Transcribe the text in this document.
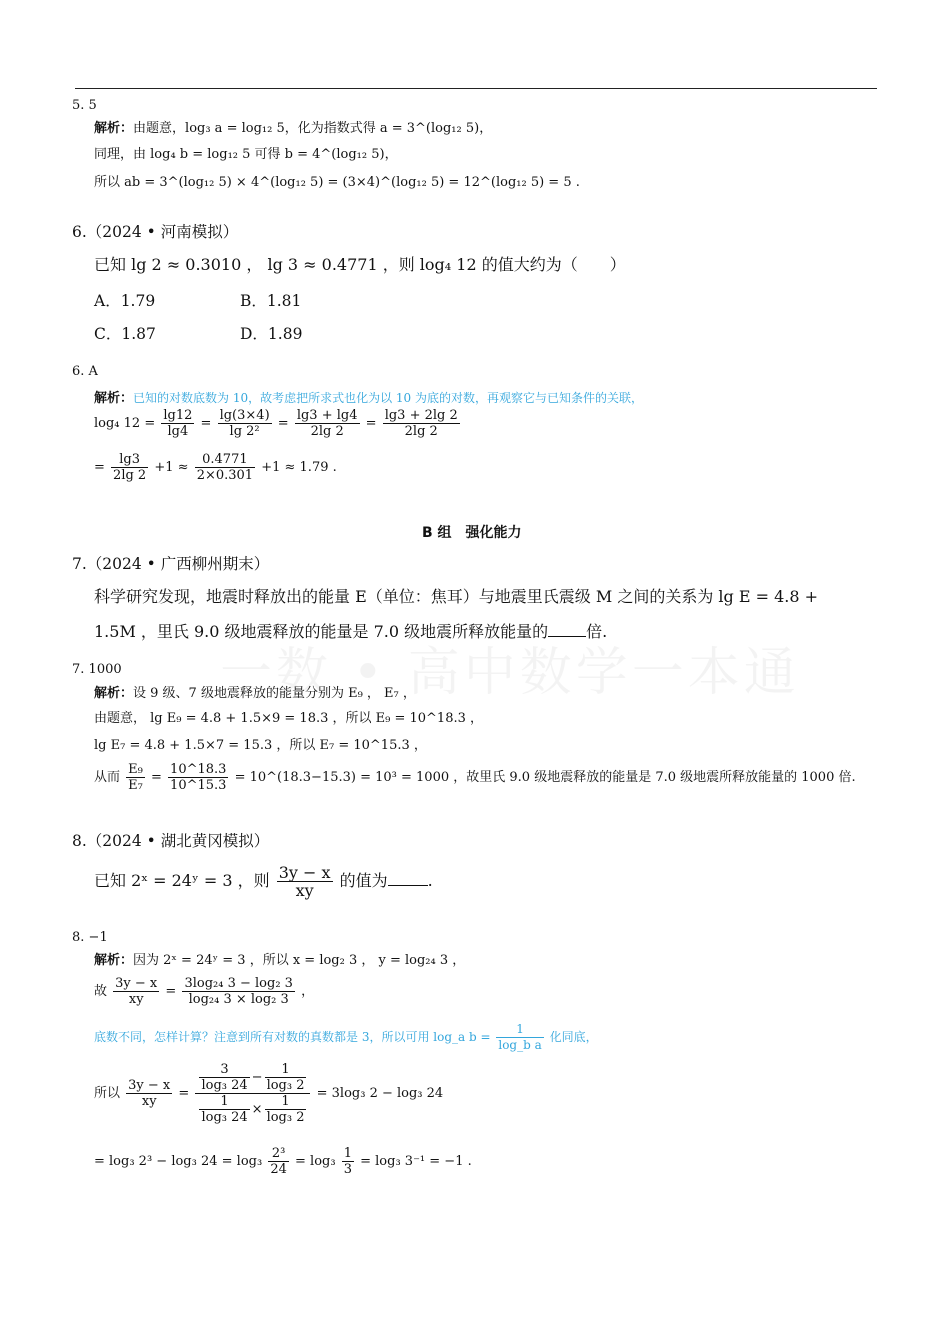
5. 5
解析：由题意，log₃ a = log₁₂ 5，化为指数式得 a = 3^(log₁₂ 5)，
同理，由 log₄ b = log₁₂ 5 可得 b = 4^(log₁₂ 5)，
所以 ab = 3^(log₁₂ 5) × 4^(log₁₂ 5) = (3×4)^(log₁₂ 5) = 12^(log₁₂ 5) = 5 .
6.（2024 • 河南模拟）
已知 lg 2 ≈ 0.3010 ， lg 3 ≈ 0.4771 ，则 log₄ 12 的值大约为（　　）
A．1.79	B．1.81
C．1.87	D．1.89
6. A
解析：已知的对数底数为 10，故考虑把所求式也化为以 10 为底的对数，再观察它与已知条件的关联，
log₄ $12 = \frac{\lg 12}{\lg 4} = \frac{\lg(3\times 4)}{\text{lg 2²}} = \frac{\lg 3 + \lg 4}{2\lg 2} = \frac{\lg 3 + 2\lg 2}{2\lg 2}$
= $\frac{\lg 3}{2\lg 2} +1 \approx \frac{0.4771}{2\times 0.301} +1 \approx 1.79$ .
B 组　强化能力
7.（2024 • 广西柳州期末）
科学研究发现，地震时释放出的能量 E（单位：焦耳）与地震里氏震级 M 之间的关系为 lg E = 4.8 +
1.5M ，里氏 9.0 级地震释放的能量是 7.0 级地震所释放能量的 倍.
7. 1000
解析：设 9 级、7 级地震释放的能量分别为 E₉ ， E₇ ，
由题意， lg E₉ = 4.8 + 1.5×9 = 18.3 ，所以 E₉ = 10^18.3 ，
lg E₇ = 4.8 + 1.5×7 = 15.3 ，所以 E₇ = 10^15.3 ，
从而 $\frac{\text{E₉}}{\text{E₇}} = \frac{10\^{}18.3}{10\^{}15.3}$ = 10^(18.3−15.3) = 10³ = 1000 ，故里氏 9.0 级地震释放的能量是 7.0 级地震所释放能量的 1000 倍.
8.（2024 • 湖北黄冈模拟）
已知 2ˣ = 24ʸ = 3 ，则 $\frac{3y - x}{xy}$ 的值为	.
8. −1
解析：因为 2ˣ = 24ʸ = 3 ，所以 x = log₂ 3 ， y = log₂₄ 3 ，
故 $\frac{3y - x}{xy} = \frac{\text{3log₂₄ 3 − log₂ 3}}{\text{log₂₄ 3 × log₂ 3}}$ ，
底数不同，怎样计算？注意到所有对数的真数都是 3，所以可用 log_a $b = \frac{1}{\text{log\_b a}}$ 化同底，
所以 $\frac{3y - x}{xy} = \frac{\frac{3}{\text{log₃ 24}} - \frac{1}{\text{log₃ 2}}}{\frac{1}{\text{log₃ 24}} \times \frac{1}{\text{log₃ 2}}} = 3\log_3$ 2 − log₃ 24
= log₃ 2³ − log₃ $24 = \log_3 \frac{\text{2³}}{24} = \log_3 \frac{1}{3} = \log_3$ 3⁻¹ = −1 .
